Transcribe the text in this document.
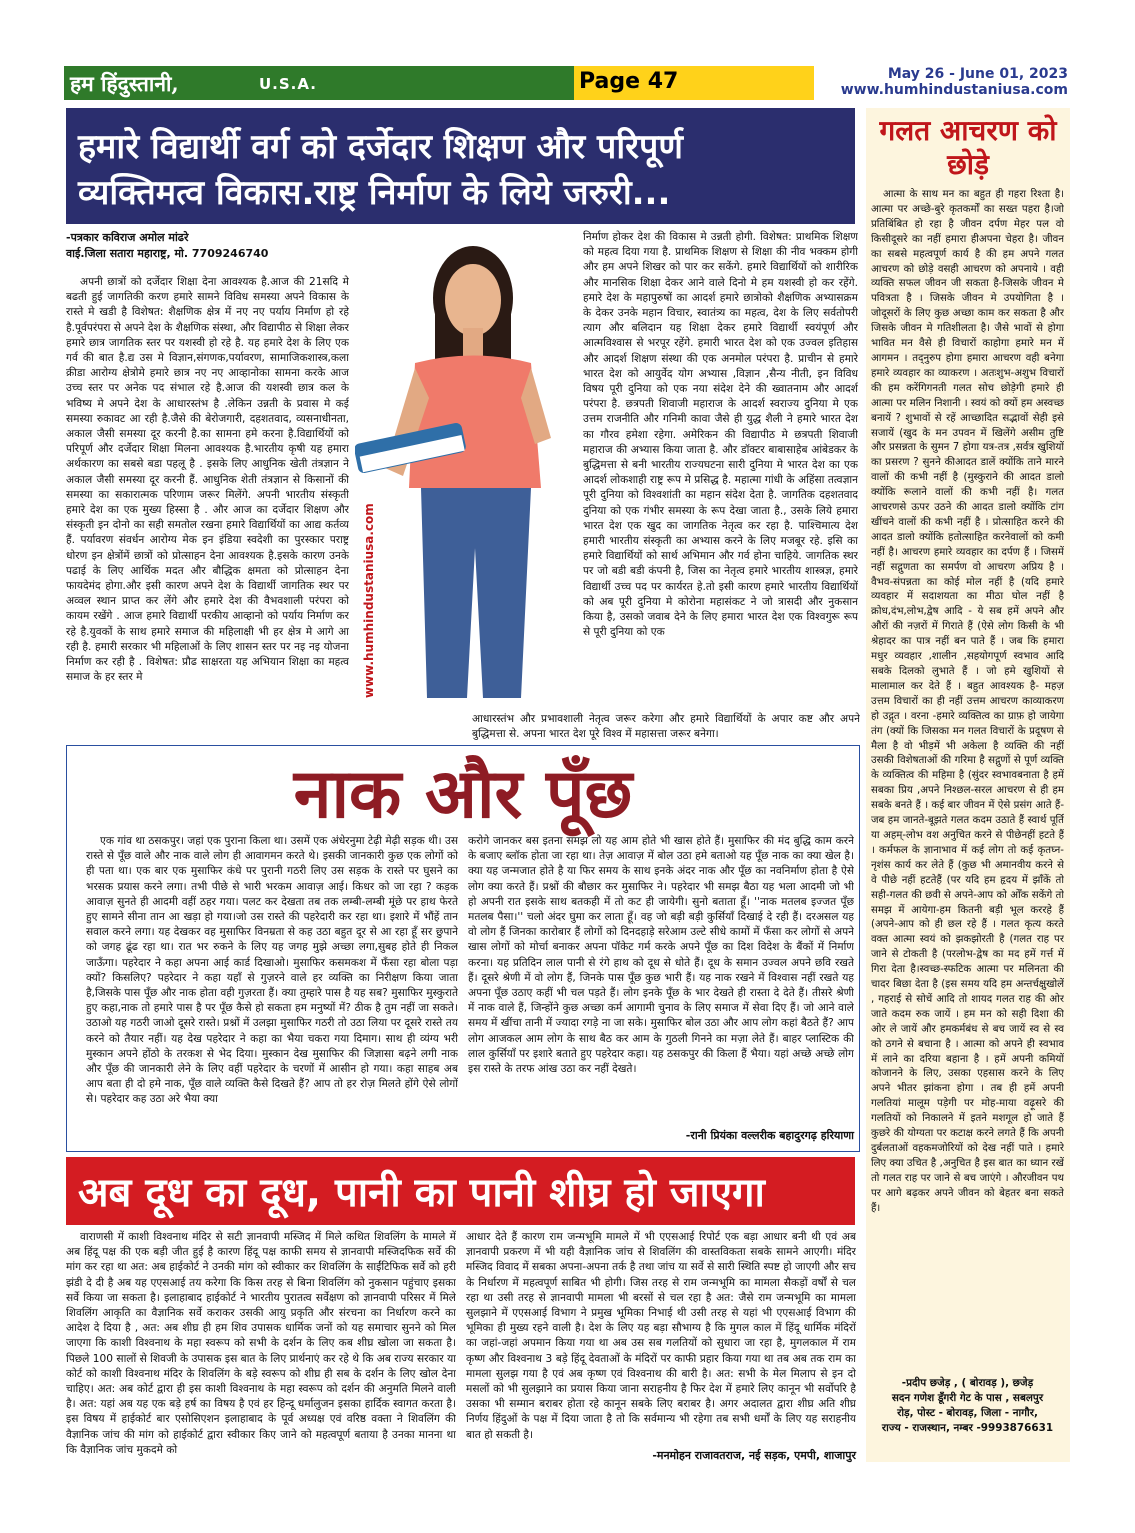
हम हिंदुस्तानी,	U.S.A.	Page 47	May 26 - June 01, 2023
www.humhindustaniusa.com
हमारे विद्यार्थी वर्ग को दर्जेदार शिक्षण और परिपूर्ण
व्यक्तिमत्व विकास.राष्ट्र निर्माण के लिये जरुरी...
-पत्रकार कविराज अमोल मांढरे
वाई.जिला सतारा महाराष्ट्र, मो. 7709246740

अपनी छात्रों को दर्जेदार शिक्षा देना आवश्यक है.आज की 21सदि मे बढती हुई जागतिकी करण हमारे सामने विविध समस्या अपने विकास के रास्ते मे खडी है विशेषत: शैक्षणिक क्षेत्र में नए नए पर्याय निर्माण हो रहे है.पूर्वपरंपरा से अपने देश के शैक्षणिक संस्था, और विद्यापीठ से शिक्षा लेकर हमारे छात्र जागतिक स्तर पर यशस्वी हो रहे है. यह हमारे देश के लिए एक गर्व की बात है.द्य उस मे विज्ञान,संगणक,पर्यावरण, सामाजिकशास्त्र,कला क्रीडा आरोग्य क्षेत्रोमे हमारे छात्र नए नए आव्हानोका सामना करके आज उच्च स्तर पर अनेक पद संभाल रहे है.आज की यशस्वी छात्र कल के भविष्य मे अपने देश के आधारस्तंभ है .लेकिन उन्नती के प्रवास मे कई समस्या रुकावट आ रही है.जैसे की बेरोजगारी, दहशतवाद, व्यसनाधीनता, अकाल जैसी समस्या दूर करनी है.का सामना हमे करना है.विद्यार्थियों को परिपूर्ण और दर्जेदार शिक्षा मिलना आवश्यक है.भारतीय कृषी यह हमारा अर्थकारण का सबसे बडा पहलू है . इसके लिए आधुनिक खेती तंत्रज्ञान ने अकाल जैसी समस्या दूर करनी हैं. आधुनिक शेती तंत्रज्ञान से किसानों की समस्या का सकारात्मक परिणाम जरूर मिलेंगे. अपनी भारतीय संस्कृती हमारे देश का एक मुख्य हिस्सा है . और आज का दर्जेदार शिक्षण और संस्कृती इन दोनो का सही समतोल रखना हमारे विद्यार्थियों का आद्य कर्तव्य हैं. पर्यावरण संवर्धन आरोग्य मेक इन इंडिया स्वदेशी का पुरस्कार पराष्ट्र धोरण इन क्षेत्रोंमें छात्रों को प्रोत्साहन देना आवश्यक है.इसके कारण उनके पढाई के लिए आर्थिक मदत और बौद्धिक क्षमता को प्रोत्साहन देना फायदेमंद होगा.और इसी कारण अपने देश के विद्यार्थी जागतिक स्थर पर अव्वल स्थान प्राप्त कर लेंगे और हमारे देश की वैभवशाली परंपरा को कायम रखेंगे . आज हमारे विद्यार्थी परकीय आव्हानो को पर्याय निर्माण कर रहे है.युवकों के साथ हमारे समाज की महिलाक्षी भी हर क्षेत्र मे आगे आ रही है. हमारी सरकार भी महिलाओं के लिए शासन स्तर पर नइ नइ योजना निर्माण कर रही है . विशेषत: प्रौढ साक्षरता यह अभियान शिक्षा का महत्व समाज के हर स्तर मे	www.humhindustaniusa.com

निर्माण होकर देश की विकास मे उन्नती होगी. विशेषत: प्राथमिक शिक्षण को महत्व दिया गया है. प्राथमिक शिक्षण से शिक्षा की नीव भक्कम होगी और हम अपने शिखर को पार कर सकेंगे. हमारे विद्यार्थियों को शारीरिक और मानसिक शिक्षा देकर आने वाले दिनो मे हम यशस्वी हो कर रहेंगे. हमारे देश के महापुरुषों का आदर्श हमारे छात्रोको शैक्षणिक अभ्यासक्रम के देकर उनके महान विचार, स्वातंत्र्य का महत्व, देश के लिए सर्वतोपरी त्याग और बलिदान यह शिक्षा देकर हमारे विद्यार्थी स्वयंपूर्ण और आत्मविश्वास से भरपूर रहेंगे. हमारी भारत देश को एक उज्वल इतिहास और आदर्श शिक्षण संस्था की एक अनमोल परंपरा है. प्राचीन से हमारे भारत देश को आयुर्वेद योग अभ्यास ,विज्ञान ,सैन्य नीती, इन विविध विषय पूरी दुनिया को एक नया संदेश देने की ख्वातनाम और आदर्श परंपरा है. छत्रपती शिवाजी महाराज के आदर्श स्वराज्य दुनिया मे एक उत्तम राजनीति और गनिमी कावा जैसे ही युद्ध शैली ने हमारे भारत देश का गौरव हमेशा रहेगा. अमेरिकन की विद्यापीठ मे छत्रपती शिवाजी महाराज की अभ्यास किया जाता है. और डॉक्टर बाबासाहेब आंबेडकर के बुद्धिमत्ता से बनी भारतीय राज्यघटना सारी दुनिया मे भारत देश का एक आदर्श लोकशाही राष्ट्र रूप मे प्रसिद्ध है. महात्मा गांधी के अहिंसा तत्वज्ञान पूरी दुनिया को विश्वशांती का महान संदेश देता है. जागतिक दहशतवाद दुनिया को एक गंभीर समस्या के रूप देखा जाता है., उसके लिये हमारा भारत देश एक खुद का जागतिक नेतृत्व कर रहा है. पाश्चिमात्य देश हमारी भारतीय संस्कृती का अभ्यास करने के लिए मजबूर रहे. इसि का हमारे विद्यार्थियों को सार्थ अभिमान और गर्व होना चाहिये. जागतिक स्थर पर जो बडी बडी कंपनी है, जिस का नेतृत्व हमारे भारतीय शास्त्रज्ञ, हमारे विद्यार्थी उच्च पद पर कार्यरत हे.तो इसी कारण हमारे भारतीय विद्यार्थियों को अब पूरी दुनिया मे कोरोना महासंकट ने जो त्रासदी और नुकसान किया है, उसको जवाब देने के लिए हमारा भारत देश एक विश्वगुरू रूप से पूरी दुनिया को एक

आधारस्तंभ और प्रभावशाली नेतृत्व जरूर करेगा और हमारे विद्यार्थियों के अपार कष्ट और अपने बुद्धिमत्ता से. अपना भारत देश पूरे विश्व में महासत्ता जरूर बनेगा।

नाक और पूँछ

एक गांव था ठसकपुर। जहां एक पुराना किला था। उसमें एक अंधेरनुमा टेढ़ी मेढ़ी सड़क थी। उस रास्ते से पूँछ वाले और नाक वाले लोग ही आवागमन करते थे। इसकी जानकारी कुछ एक लोगों को ही पता था। एक बार एक मुसाफिर कंधे पर पुरानी गठरी लिए उस सड़क के रास्ते पर घुसने का भरसक प्रयास करने लगा। तभी पीछे से भारी भरकम आवाज़ आई। किधर को जा रहा ? कड़क आवाज़ सुनते ही आदमी वहीं ठहर गया। पलट कर देखता तब तक लम्बी-लम्बी मूंछे पर हाथ फेरते हुए सामने सीना तान आ खड़ा हो गया।जो उस रास्ते की पहरेदारी कर रहा था। इशारे में भौंहें तान सवाल करने लगा। यह देखकर वह मुसाफिर विनम्रता से कह उठा बहुत दूर से आ रहा हूँ सर छुपाने को जगह ढूंढ रहा था। रात भर रुकने के लिए यह जगह मुझे अच्छा लगा,सुबह होते ही निकल जाऊँगा। पहरेदार ने कहा अपना आई कार्ड दिखाओ। मुसाफिर कसमकश में फँसा रहा बोला पड़ा क्यों? किसलिए? पहरेदार ने कहा यहाँ से गुज़रने वाले हर व्यक्ति का निरीक्षण किया जाता है,जिसके पास पूँछ और नाक होता वही गुज़रता हैं। क्या तुम्हारे पास है यह सब? मुसाफिर मुस्कुराते हुए कहा,नाक तो हमारे पास है पर पूँछ कैसे हो सकता हम मनुष्यों में? ठीक है तुम नहीं जा सकते। उठाओ यह गठरी जाओ दूसरे रास्ते। प्रश्नों में उलझा मुसाफिर गठरी तो उठा लिया पर दूसरे रास्ते तय करने को तैयार नहीं। यह देख पहरेदार ने कहा का भैया चकरा गया दिमाग। साथ ही व्यंग्य भरी मुस्कान अपने होंठो के तरकश से भेद दिया। मुस्कान देख मुसाफिर की जिज्ञासा बढ़ने लगी नाक और पूँछ की जानकारी लेने के लिए वहीं पहरेदार के चरणों में आसीन हो गया। कहा साहब अब आप बता ही दो हमे नाक, पूँछ वाले व्यक्ति कैसे दिखते हैं? आप तो हर रोज़ मिलते होंगे ऐसे लोगों से। पहरेदार कह उठा अरे भैया क्या

करोगे जानकर बस इतना समझ लो यह आम होते भी खास होते हैं। मुसाफिर की मंद बुद्धि काम करने के बजाए ब्लॉक होता जा रहा था। तेज़ आवाज़ में बोल उठा हमे बताओ यह पूँछ नाक का क्या खेल है। क्या यह जन्मजात होते है या फिर समय के साथ इनके अंदर नाक और पूँछ का नवनिर्माण होता है ऐसे लोग क्या करते हैं। प्रश्नों की बौछार कर मुसाफिर ने। पहरेदार भी समझ बैठा यह भला आदमी जो भी हो अपनी रात इसके साथ बतकही में तो कट ही जायेगी। सुनो बताता हूँ। ''नाक मतलब इज्जत पूँछ मतलब पैसा।'' चलो अंदर घुमा कर लाता हूँ। वह जो बड़ी बड़ी कुर्सियाँ दिखाई दे रही हैं। दरअसल यह वो लोग हैं जिनका कारोबार हैं लोगों को दिनदहाड़े सरेआम उल्टे सीधे कामों में फँसा कर लोगों से अपने खास लोगों को मोर्चा बनाकर अपना पॉकेट गर्म करके अपने पूँछ का दिश विदेश के बैंकों में निर्माण करना। यह प्रतिदिन लाल पानी से रंगे हाथ को दूध से धोते हैं। दूध के समान उज्वल अपने छवि रखते हैं। दूसरे श्रेणी में वो लोग हैं, जिनके पास पूँछ कुछ भारी हैं। यह नाक रखने में विश्वास नहीं रखते यह अपना पूँछ उठाए कहीं भी चल पड़ते हैं। लोग इनके पूँछ के भार देखते ही रास्ता दे देते हैं। तीसरे श्रेणी में नाक वाले हैं, जिन्होंने कुछ अच्छा कर्म आगामी चुनाव के लिए समाज में सेवा दिए हैं। जो आने वाले समय में खींचा तानी में ज्यादा रगड़े ना जा सके। मुसाफिर बोल उठा और आप लोग कहां बैठते हैं? आप लोग आजकल आम लोग के साथ बैठ कर आम के गुठली गिनने का मज़ा लेते हैं। बाहर प्लास्टिक की लाल कुर्सियाँ पर इशारे बताते हुए पहरेदार कहा। यह ठसकपुर की किला हैं भैया। यहां अच्छे अच्छे लोग इस रास्ते के तरफ आंख उठा कर नहीं देखते।

-रानी प्रियंका वल्लरीक बहादुरगढ़ हरियाणा
अब दूध का दूध, पानी का पानी शीघ्र हो जाएगा

वाराणसी में काशी विश्वनाथ मंदिर से सटी ज्ञानवापी मस्जिद में मिले कथित शिवलिंग के मामले में अब हिंदू पक्ष की एक बड़ी जीत हुई है कारण हिंदू पक्ष काफी समय से ज्ञानवापी मस्जिदफिक सर्वे की मांग कर रहा था अत: अब हाईकोर्ट ने उनकी मांग को स्वीकार कर शिवलिंग के साईंटिफिक सर्वे को हरी झंडी दे दी है अब यह एएसआई तय करेगा कि किस तरह से बिना शिवलिंग को नुकसान पहुंचाए इसका सर्वे किया जा सकता है। इलाहाबाद हाईकोर्ट ने भारतीय पुरातत्व सर्वेक्षण को ज्ञानवापी परिसर में मिले शिवलिंग आकृति का वैज्ञानिक सर्वे कराकर उसकी आयु प्रकृति और संरचना का निर्धारण करने का आदेश दे दिया है , अत: अब शीघ्र ही हम शिव उपासक धार्मिक जनों को यह समाचार सुनने को मिल जाएगा कि काशी विश्वनाथ के महा स्वरूप को सभी के दर्शन के लिए कब शीघ्र खोला जा सकता है। पिछले 100 सालों से शिवजी के उपासक इस बात के लिए प्रार्थनाएं कर रहे थे कि अब राज्य सरकार या कोर्ट को काशी विश्वनाथ मंदिर के शिवलिंग के बड़े स्वरूप को शीघ्र ही सब के दर्शन के लिए खोल देना चाहिए। अत: अब कोर्ट द्वारा ही इस काशी विश्वनाथ के महा स्वरूप को दर्शन की अनुमति मिलने वाली है। अत: यहां अब यह एक बड़े हर्ष का विषय है एवं हर हिन्दू धर्मालुजन इसका हार्दिक स्वागत करता है। इस विषय में हाईकोर्ट बार एसोसिएशन इलाहाबाद के पूर्व अध्यक्ष एवं वरिष्ठ वक्ता ने शिवलिंग की वैज्ञानिक जांच की मांग को हाईकोर्ट द्वारा स्वीकार किए जाने को महत्वपूर्ण बताया है उनका मानना था कि वैज्ञानिक जांच मुकदमे को

आधार देते हैं कारण राम जन्मभूमि मामले में भी एएसआई रिपोर्ट एक बड़ा आधार बनी थी एवं अब ज्ञानवापी प्रकरण में भी यही वैज्ञानिक जांच से शिवलिंग की वास्तविकता सबके सामने आएगी। मंदिर मस्जिद विवाद में सबका अपना-अपना तर्क है तथा जांच या सर्वे से सारी स्थिति स्पष्ट हो जाएगी और सच के निर्धारण में महत्वपूर्ण साबित भी होगी। जिस तरह से राम जन्मभूमि का मामला सैकड़ों वर्षों से चल रहा था उसी तरह से ज्ञानवापी मामला भी बरसों से चल रहा है अत: जैसे राम जन्मभूमि का मामला सुलझाने में एएसआई विभाग ने प्रमुख भूमिका निभाई थी उसी तरह से यहां भी एएसआई विभाग की भूमिका ही मुख्य रहने वाली है। देश के लिए यह बड़ा सौभाग्य है कि मुगल काल में हिंदू धार्मिक मंदिरों का जहां-जहां अपमान किया गया था अब उस सब गलतियों को सुधारा जा रहा है, मुगलकाल में राम कृष्ण और विश्वनाथ 3 बड़े हिंदू देवताओं के मंदिरों पर काफी प्रहार किया गया था तब अब तक राम का मामला सुलझ गया है एवं अब कृष्ण एवं विश्वनाथ की बारी है। अत: सभी के मेल मिलाप से इन दो मसलों को भी सुलझाने का प्रयास किया जाना सराहनीय है फिर देश में हमारे लिए कानून भी सर्वोपरि है उसका भी सम्मान बराबर होता रहे कानून सबके लिए बराबर है। अगर अदालत द्वारा शीघ्र अति शीघ्र निर्णय हिंदुओं के पक्ष में दिया जाता है तो कि सर्वमान्य भी रहेगा तब सभी धर्मों के लिए यह सराहनीय बात हो सकती है।

-मनमोहन राजावतराज, नई सड़क, एमपी, शाजापुर
गलत आचरण को छोड़े

आत्मा के साथ मन का बहुत ही गहरा रिश्ता है।आत्मा पर अच्छे-बुरे कृतकर्मों का सख्त पहरा है।जो प्रतिबिंबित हो रहा है जीवन दर्पण मेहर पल वो किसीदूसरे का नहीं हमारा हीअपना चेहरा है। जीवन का सबसे महत्वपूर्ण कार्य है की हम अपने गलत आचरण को छोड़े वसही आचरण को अपनाये । वही व्यक्ति सफल जीवन जी सकता है-जिसके जीवन मे पवित्रता है । जिसके जीवन मे उपयोगिता है । जोदूसरों के लिए कुछ अच्छा काम कर सकता है और जिसके जीवन मे गतिशीलता है। जैसे भावों से होगा भावित मन वैसे ही विचारों काहोगा हमारे मन में आगमन । तद्नुरुप होगा हमारा आचरण वही बनेगा हमारे व्यवहार का व्याकरण । अतःशुभ-अशुभ विचारों की हम करेंगिगनती गलत सोच छोड़ेगी हमारे ही आत्मा पर मलिन निशानी । स्वयं को क्यों हम अस्वच्छ बनायें ? शुभावों से रहें आच्छादित सद्भावों सेही इसे सजायें (खुद के मन उपवन में खिलेंगे असीम तुष्टि और प्रसन्नता के सुमन 7 होगा यत्र-तत्र ,सर्वत्र खुशियों का प्रसरण ? सुनने कीआदत डालें क्योंकि ताने मारने वालों की कभी नहीं है (मुस्कुराने की आदत डालो क्योंकि रूलाने वालों की कभी नहीं है। गलत आचरणसे ऊपर उठने की आदत डालो क्योंकि टांग खींचने वालों की कभी नहीं है । प्रोत्साहित करने की आदत डालो क्योंकि हतोत्साहित करनेवालों को कमी नहीं है। आचरण हमारे व्यवहार का दर्पण हैं । जिसमें नहीं सद्गुणता का समर्पण वो आचरण अप्रिय है । वैभव-संपन्नता का कोई मोल नहीं है (यदि हमारे व्यवहार में सदाशयता का मीठा घोल नहीं है क्रोध,दंभ,लोभ,द्वेष आदि - ये सब हमें अपने और औरों की नज़रों में गिराते हैं (ऐसे लोग किसी के भी श्रेहादर का पात्र नहीं बन पाते हैं । जब कि हमारा मधुर व्यवहार ,शालीन ,सहयोगपूर्ण स्वभाव आदि सबके दिलको लुभाते हैं । जो हमे खुशियों से मालामाल कर देते हैं । बहुत आवश्यक है- महज़ उत्तम विचारों का ही नहीं उत्तम आचरण काव्याकरण हो उद्गृत । वरना -हमारे व्यक्तित्व का ग्राफ़ हो जायेगा तंग (क्यों कि जिसका मन गलत विचारों के प्रदूषण से मैला है वो भीड़में भी अकेला है व्यक्ति की नहीं उसकी विशेषताओं की गरिमा है सद्गुणों से पूर्ण व्यक्ति के व्यक्तित्व की महिमा है (सुंदर स्वभावबनाता है हमें सबका प्रिय ,अपने निश्छल-सरल आचरण से ही हम सबके बनते हैं । कई बार जीवन में ऐसे प्रसंग आते हैं- जब हम जानते-बूझते गलत कदम उठाते हैं स्वार्थ पूर्ति या अहम्-लोभ वश अनुचित करने से पीछेनहीं हटते हैं । कर्मफल के ज्ञानाभाव में कई लोग तो कई कृतघ्न- नृशंस कार्य कर लेते हैं (कुछ भी अमानवीय करने से वे पीछे नहीं हटतेहैं (पर यदि हम हृदय में झाँकें तो सही-गलत की छवी से अपने-आप को ओँक सकेंगे तो समझ में आयेगा-हम कितनी बड़ी भूल कररहे हैं (अपने-आप को ही छल रहे हैं । गलत कृत्य करते वक्त आत्मा स्वयं को झकझोरती है (गलत राह पर जाने से टोकती है (परलोभ-द्वेष का मद हमें गर्त्त में गिरा देता है।स्वच्छ-स्फटिक आत्मा पर मलिनता की चादर बिछा देता है (इस समय यदि हम अन्तर्चक्षुखोलें , गहराई से सोचें आदि तो शायद गलत राह की ओर जाते कदम रुक जायें । हम मन को सही दिशा की ओर ले जायें और हमकर्मबंध से बच जायें स्व से स्व को ठगने से बचाना है । आत्मा को अपने ही स्वभाव में लाने का दरिया बहाना है । हमें अपनी कमियों कोजानने के लिए, उसका एहसास करने के लिए अपने भीतर झांकना होगा । तब ही हमें अपनी गलतियां मालूम पड़ेगी पर मोह-माया वढ़ूसरे की गलतियों को निकालने में इतने मशगूल हो जाते हैं कुछरे की योग्यता पर कटाक्ष करने लगते हैं कि अपनी दुर्बलताओं वहकमजोरियों को देख नहीं पाते । हमारे लिए क्या उचित है ,अनुचित है इस बात का ध्यान रखें तो गलत राह पर जाने से बच जाएंगे । औरजीवन पथ पर आगे बढ़कर अपने जीवन को बेहतर बना सकते हैं।

-प्रदीप छजेड़ , ( बोरावड़ ), छजेड़
सदन गणेश डूँगरी गेट के पास , सबलपुर
रोड़, पोस्ट - बोरावड़, जिला - नागौर,
राज्य - राजस्थान, नम्बर -9993876631
